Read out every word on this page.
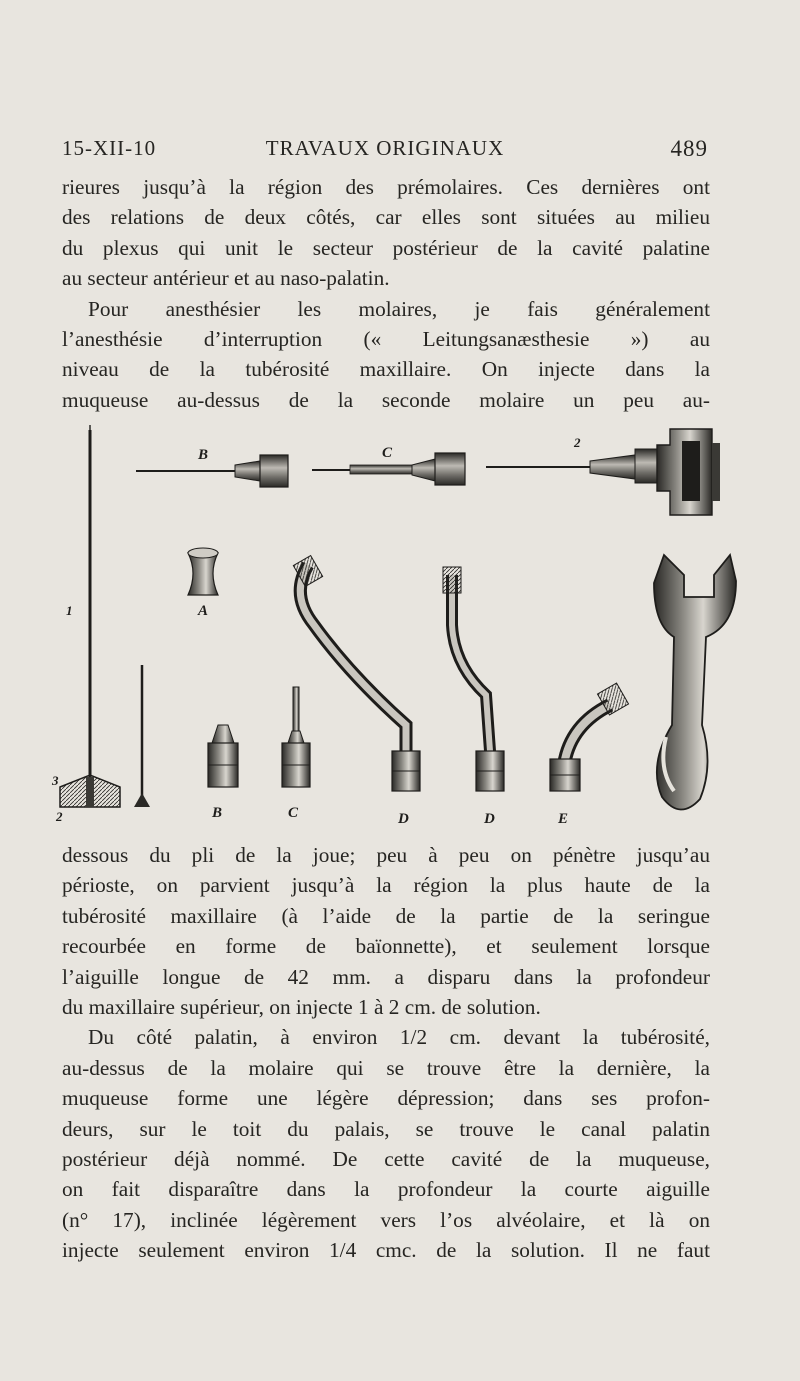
15-XII-10	TRAVAUX ORIGINAUX	489
rieures jusqu’à la région des prémolaires. Ces dernières ont
des relations de deux côtés, car elles sont situées au milieu
du plexus qui unit le secteur postérieur de la cavité palatine
au secteur antérieur et au naso-palatin.
Pour anesthésier les molaires, je fais généralement
l’anesthésie d’interruption (« Leitungsanæsthesie ») au
niveau de la tubérosité maxillaire. On injecte dans la
muqueuse au-dessus de la seconde molaire un peu au-
1
3
2
B	C
2
A
B	C	D	D	E
dessous du pli de la joue; peu à peu on pénètre jusqu’au
périoste, on parvient jusqu’à la région la plus haute de la
tubérosité maxillaire (à l’aide de la partie de la seringue
recourbée en forme de baïonnette), et seulement lorsque
l’aiguille longue de 42 mm. a disparu dans la profondeur
du maxillaire supérieur, on injecte 1 à 2 cm. de solution.
Du côté palatin, à environ 1/2 cm. devant la tubérosité,
au-dessus de la molaire qui se trouve être la dernière, la
muqueuse forme une légère dépression; dans ses profon-
deurs, sur le toit du palais, se trouve le canal palatin
postérieur déjà nommé. De cette cavité de la muqueuse,
on fait disparaître dans la profondeur la courte aiguille
(n° 17), inclinée légèrement vers l’os alvéolaire, et là on
injecte seulement environ 1/4 cmc. de la solution. Il ne faut
